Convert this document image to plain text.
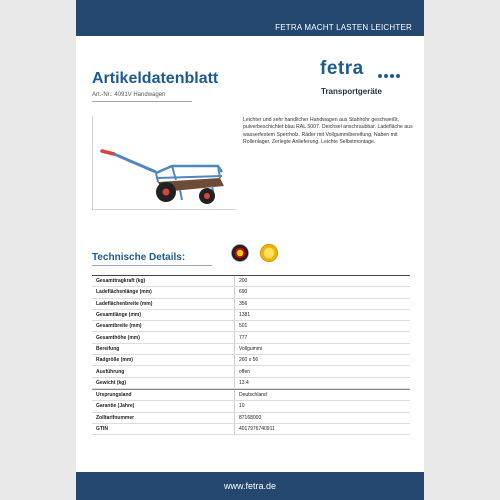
FETRA MACHT LASTEN LEICHTER
Artikeldatenblatt
Art.-Nr.: 4091V Handwagen
fetra
Transportgeräte
Leichter und sehr handlicher Handwagen aus Stahlrohr geschweißt, pulverbeschichtet blau RAL 5007. Deichsel anschraubbar. Ladefläche aus wasserfestem Sperrholz. Räder mit Vollgummibereifung, Naben mit Rollenlager. Zerlegte Anlieferung. Leichte Selbstmontage.
Technische Details:
Gesamttragkraft (kg)	200
Ladeflächenlänge (mm)	690
Ladeflächenbreite (mm)	356
Gesamtlänge (mm)	1381
Gesamtbreite (mm)	501
Gesamthöhe (mm)	777
Bereifung	Vollgummi
Radgröße (mm)	260 x 56
Ausführung	offen
Gewicht (kg)	13.4
Ursprungsland	Deutschland
Garantie (Jahre)	10
Zolltarifnummer	87168000
GTIN	4017976740911
www.fetra.de
